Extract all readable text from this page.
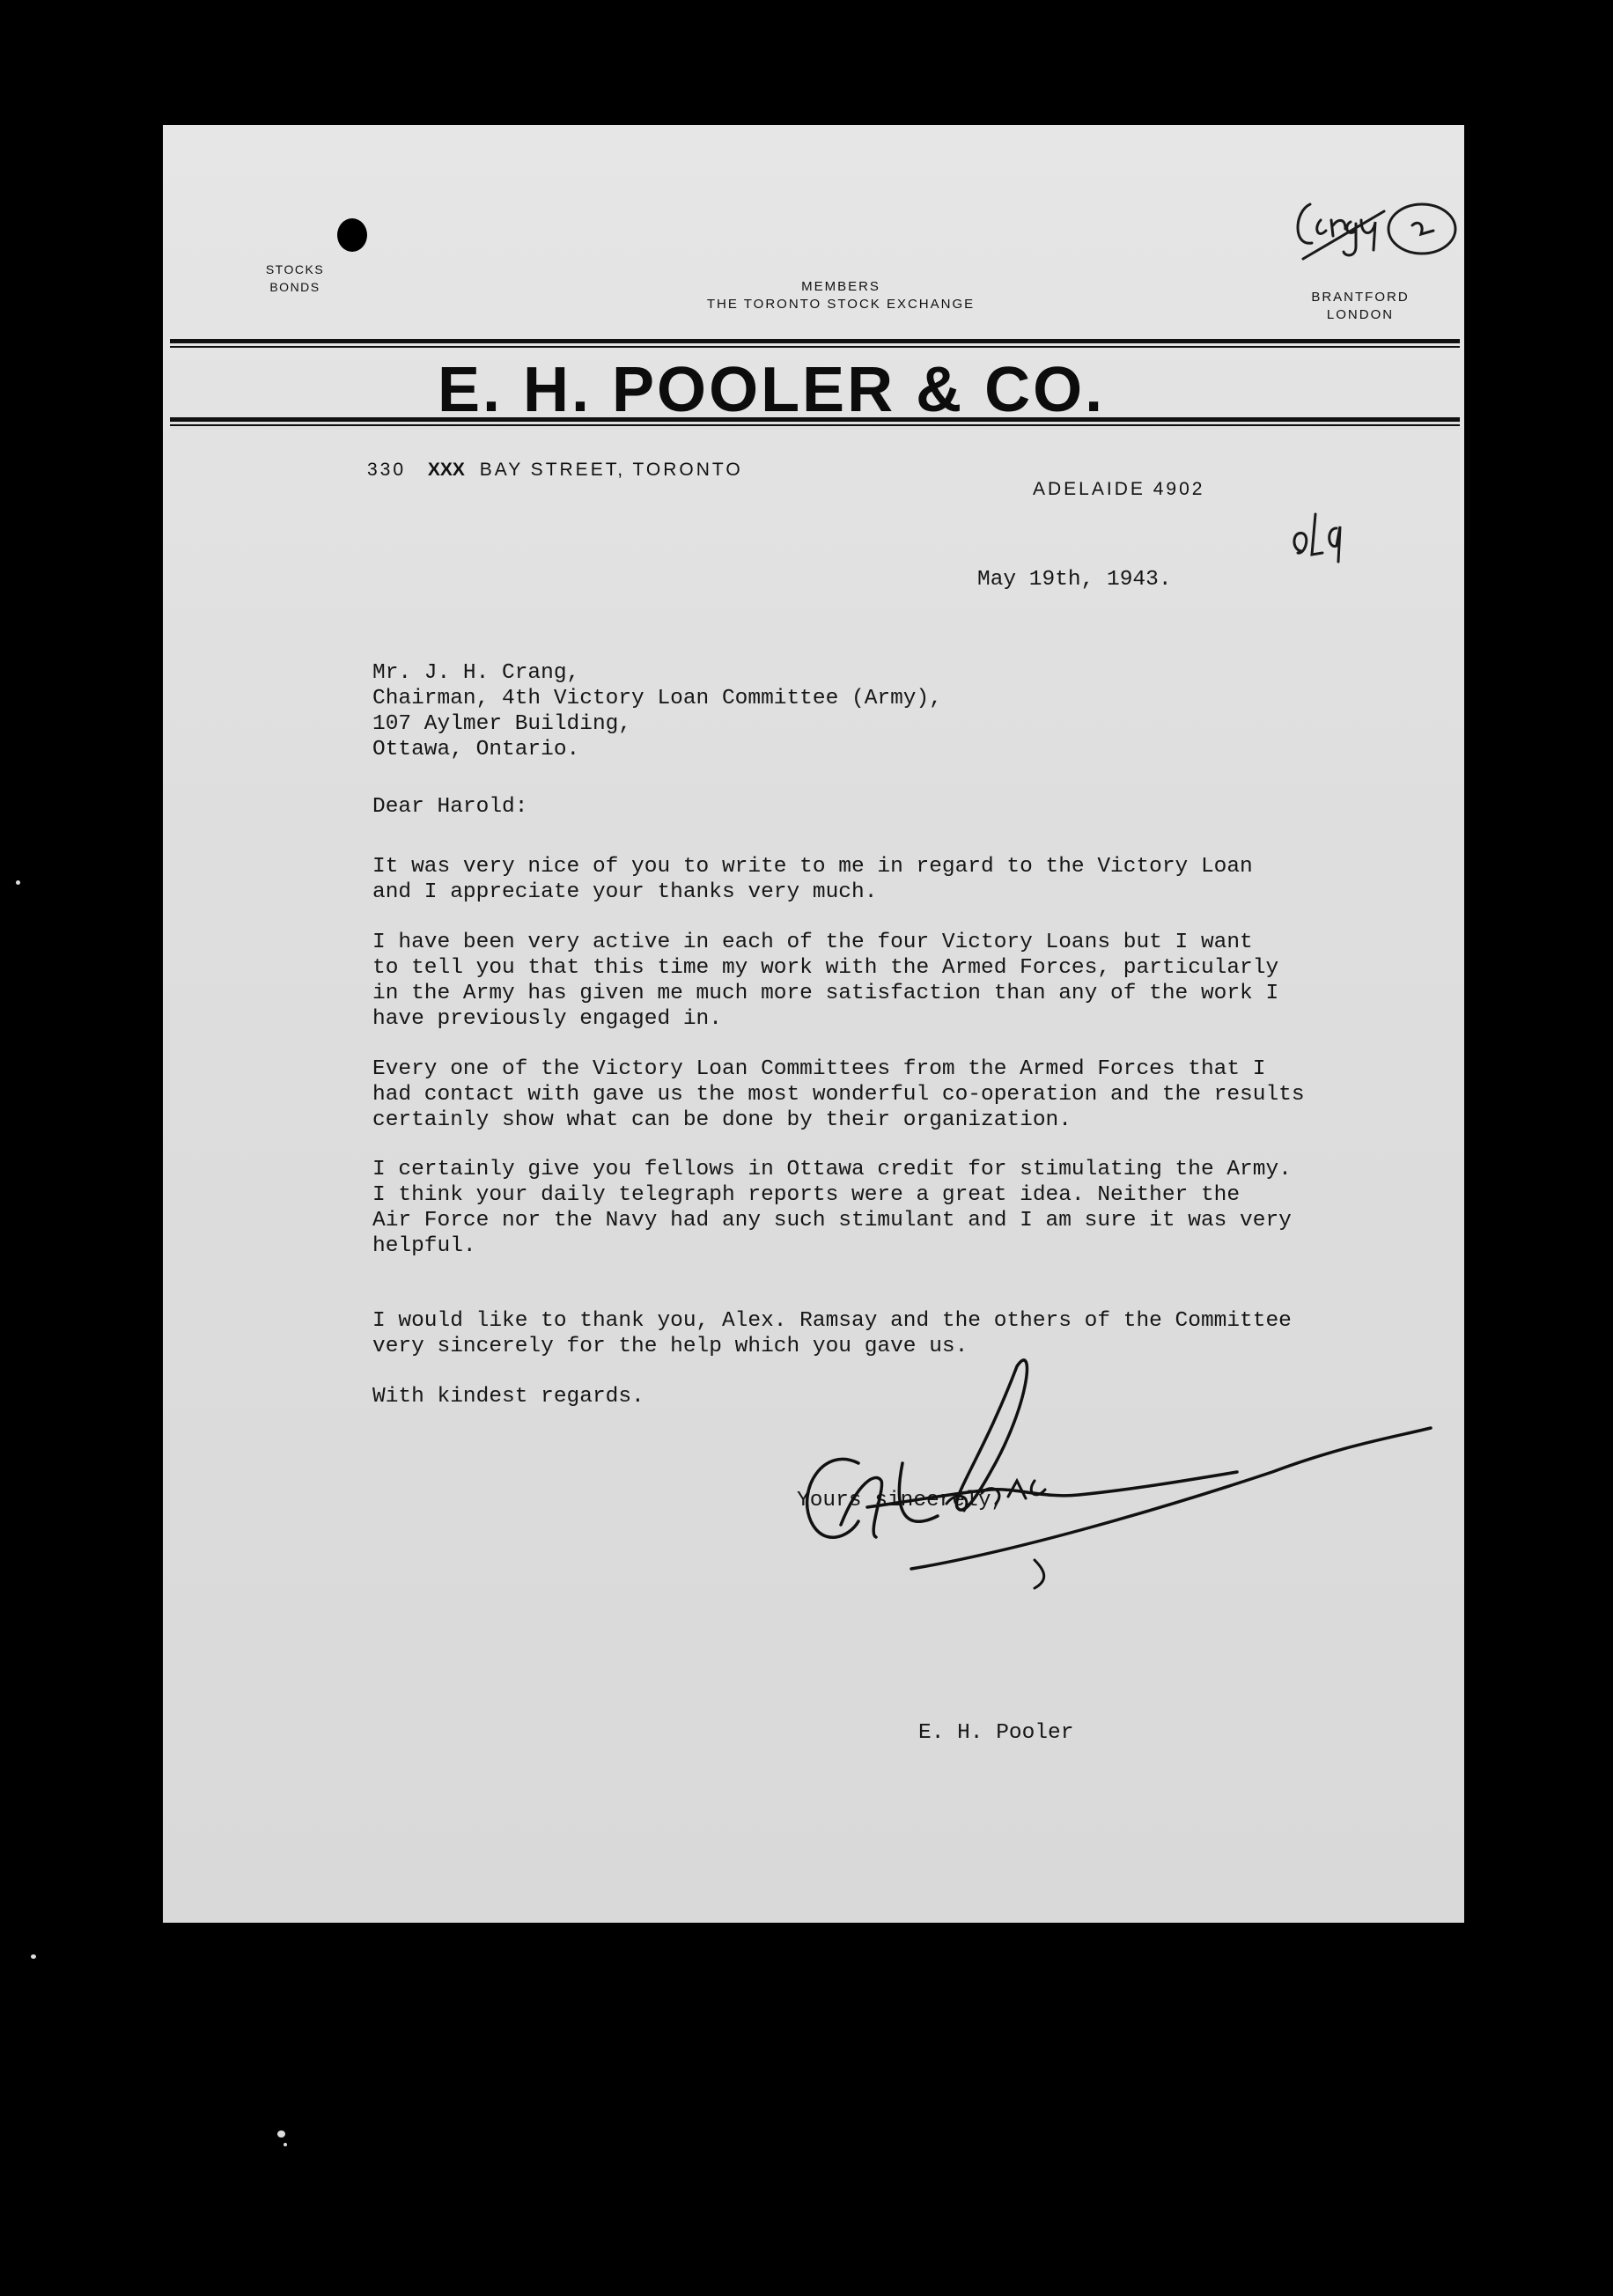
STOCKS
BONDS	MEMBERS
THE TORONTO STOCK EXCHANGE	BRANTFORD
LONDON
E. H. POOLER & CO.
330 XXX BAY STREET, TORONTO
ADELAIDE 4902
May 19th, 1943.
Mr. J. H. Crang,
Chairman, 4th Victory Loan Committee (Army),
107 Aylmer Building,
Ottawa, Ontario.
Dear Harold:

It was very nice of you to write to me in regard to the Victory Loan

and I appreciate your thanks very much.

I have been very active in each of the four Victory Loans but I want

to tell you that this time my work with the Armed Forces, particularly

in the Army has given me much more satisfaction than any of the work I

have previously engaged in.

Every one of the Victory Loan Committees from the Armed Forces that I

had contact with gave us the most wonderful co-operation and the results

certainly show what can be done by their organization.

I certainly give you fellows in Ottawa credit for stimulating the Army.

I think your daily telegraph reports were a great idea. Neither the

Air Force nor the Navy had any such stimulant and I am sure it was very

helpful.

I would like to thank you, Alex. Ramsay and the others of the Committee

very sincerely for the help which you gave us.

With kindest regards.
Yours sincerely,
E. H. Pooler
